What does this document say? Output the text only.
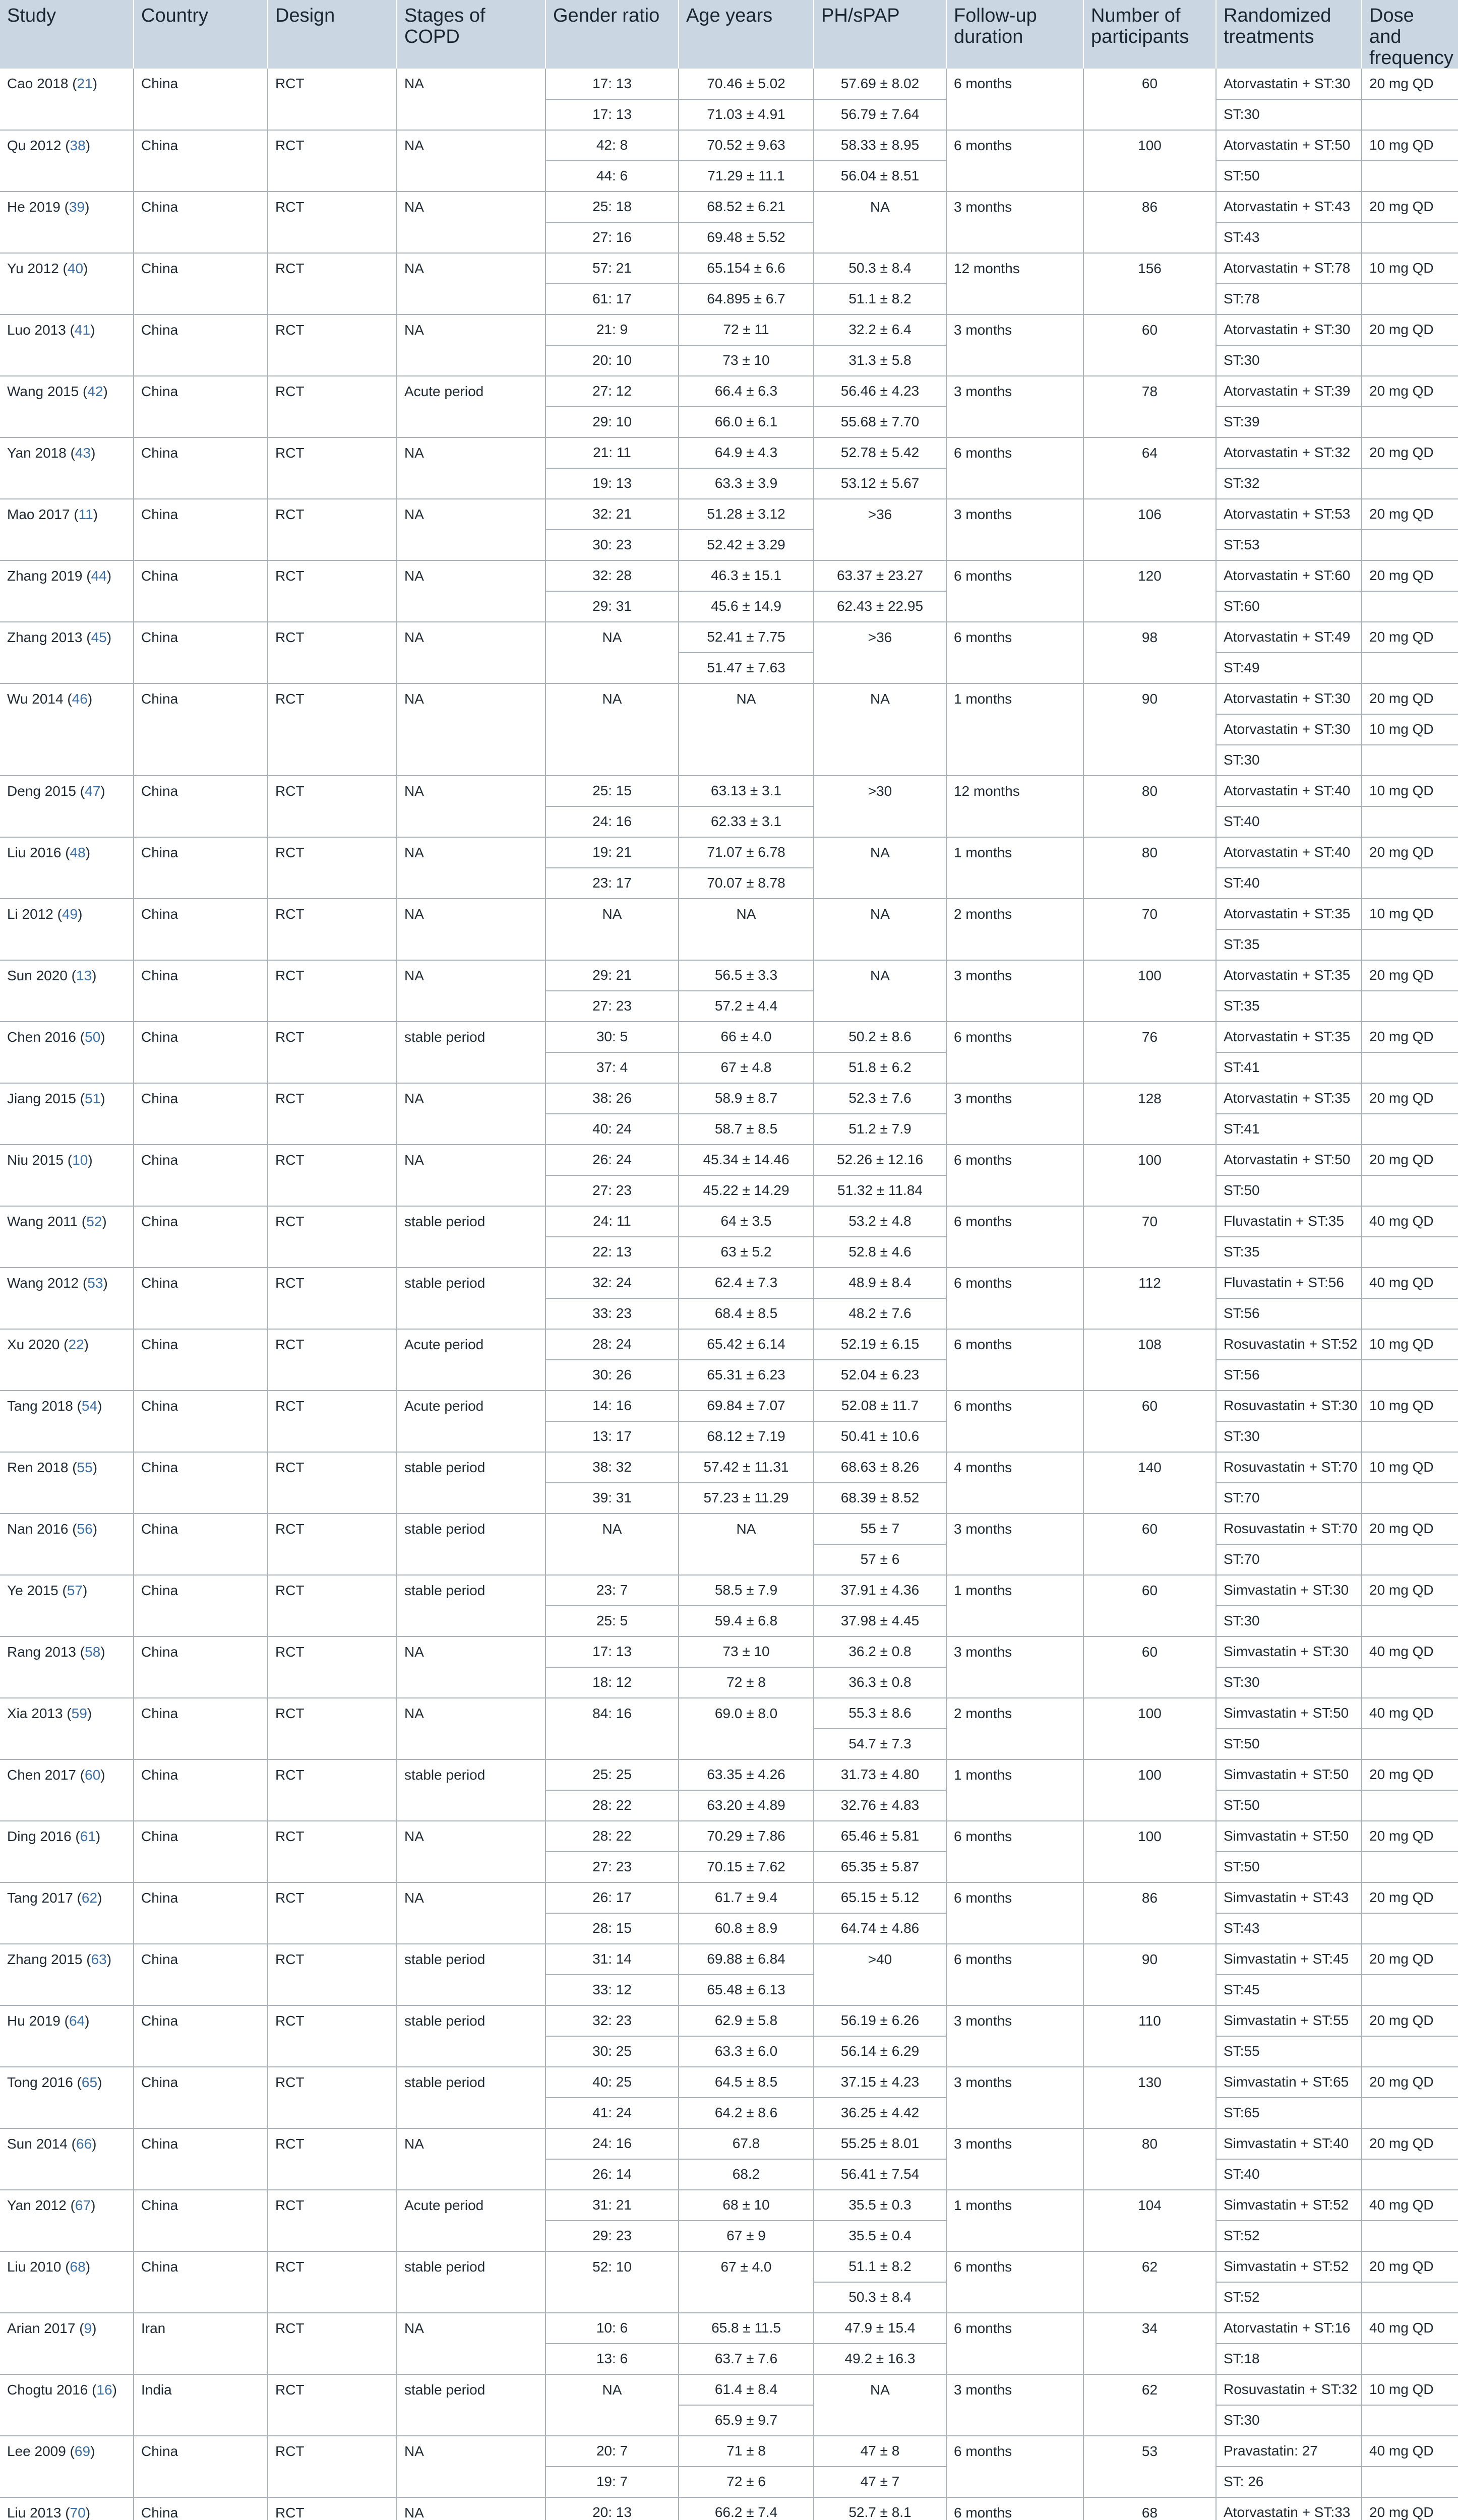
Study	Country	Design	Stages of COPD	Gender ratio	Age years	PH/sPAP	Follow-up duration	Number of participants	Randomized treatments	Dose and frequency
Cao 2018 (21)	China	RCT	NA	17: 13	70.46 ± 5.02	57.69 ± 8.02	6 months	60	Atorvastatin + ST:30	20 mg QD
				17: 13	71.03 ± 4.91	56.79 ± 7.64			ST:30	
Qu 2012 (38)	China	RCT	NA	42: 8	70.52 ± 9.63	58.33 ± 8.95	6 months	100	Atorvastatin + ST:50	10 mg QD
				44: 6	71.29 ± 11.1	56.04 ± 8.51			ST:50	
He 2019 (39)	China	RCT	NA	25: 18	68.52 ± 6.21	NA	3 months	86	Atorvastatin + ST:43	20 mg QD
				27: 16	69.48 ± 5.52				ST:43	
Yu 2012 (40)	China	RCT	NA	57: 21	65.154 ± 6.6	50.3 ± 8.4	12 months	156	Atorvastatin + ST:78	10 mg QD
				61: 17	64.895 ± 6.7	51.1 ± 8.2			ST:78	
Luo 2013 (41)	China	RCT	NA	21: 9	72 ± 11	32.2 ± 6.4	3 months	60	Atorvastatin + ST:30	20 mg QD
				20: 10	73 ± 10	31.3 ± 5.8			ST:30	
Wang 2015 (42)	China	RCT	Acute period	27: 12	66.4 ± 6.3	56.46 ± 4.23	3 months	78	Atorvastatin + ST:39	20 mg QD
				29: 10	66.0 ± 6.1	55.68 ± 7.70			ST:39	
Yan 2018 (43)	China	RCT	NA	21: 11	64.9 ± 4.3	52.78 ± 5.42	6 months	64	Atorvastatin + ST:32	20 mg QD
				19: 13	63.3 ± 3.9	53.12 ± 5.67			ST:32	
Mao 2017 (11)	China	RCT	NA	32: 21	51.28 ± 3.12	>36	3 months	106	Atorvastatin + ST:53	20 mg QD
				30: 23	52.42 ± 3.29				ST:53	
Zhang 2019 (44)	China	RCT	NA	32: 28	46.3 ± 15.1	63.37 ± 23.27	6 months	120	Atorvastatin + ST:60	20 mg QD
				29: 31	45.6 ± 14.9	62.43 ± 22.95			ST:60	
Zhang 2013 (45)	China	RCT	NA	NA	52.41 ± 7.75	>36	6 months	98	Atorvastatin + ST:49	20 mg QD
					51.47 ± 7.63				ST:49	
Wu 2014 (46)	China	RCT	NA	NA	NA	NA	1 months	90	Atorvastatin + ST:30	20 mg QD
									Atorvastatin + ST:30	10 mg QD
									ST:30	
Deng 2015 (47)	China	RCT	NA	25: 15	63.13 ± 3.1	>30	12 months	80	Atorvastatin + ST:40	10 mg QD
				24: 16	62.33 ± 3.1				ST:40	
Liu 2016 (48)	China	RCT	NA	19: 21	71.07 ± 6.78	NA	1 months	80	Atorvastatin + ST:40	20 mg QD
				23: 17	70.07 ± 8.78				ST:40	
Li 2012 (49)	China	RCT	NA	NA	NA	NA	2 months	70	Atorvastatin + ST:35	10 mg QD
									ST:35	
Sun 2020 (13)	China	RCT	NA	29: 21	56.5 ± 3.3	NA	3 months	100	Atorvastatin + ST:35	20 mg QD
				27: 23	57.2 ± 4.4				ST:35	
Chen 2016 (50)	China	RCT	stable period	30: 5	66 ± 4.0	50.2 ± 8.6	6 months	76	Atorvastatin + ST:35	20 mg QD
				37: 4	67 ± 4.8	51.8 ± 6.2			ST:41	
Jiang 2015 (51)	China	RCT	NA	38: 26	58.9 ± 8.7	52.3 ± 7.6	3 months	128	Atorvastatin + ST:35	20 mg QD
				40: 24	58.7 ± 8.5	51.2 ± 7.9			ST:41	
Niu 2015 (10)	China	RCT	NA	26: 24	45.34 ± 14.46	52.26 ± 12.16	6 months	100	Atorvastatin + ST:50	20 mg QD
				27: 23	45.22 ± 14.29	51.32 ± 11.84			ST:50	
Wang 2011 (52)	China	RCT	stable period	24: 11	64 ± 3.5	53.2 ± 4.8	6 months	70	Fluvastatin + ST:35	40 mg QD
				22: 13	63 ± 5.2	52.8 ± 4.6			ST:35	
Wang 2012 (53)	China	RCT	stable period	32: 24	62.4 ± 7.3	48.9 ± 8.4	6 months	112	Fluvastatin + ST:56	40 mg QD
				33: 23	68.4 ± 8.5	48.2 ± 7.6			ST:56	
Xu 2020 (22)	China	RCT	Acute period	28: 24	65.42 ± 6.14	52.19 ± 6.15	6 months	108	Rosuvastatin + ST:52	10 mg QD
				30: 26	65.31 ± 6.23	52.04 ± 6.23			ST:56	
Tang 2018 (54)	China	RCT	Acute period	14: 16	69.84 ± 7.07	52.08 ± 11.7	6 months	60	Rosuvastatin + ST:30	10 mg QD
				13: 17	68.12 ± 7.19	50.41 ± 10.6			ST:30	
Ren 2018 (55)	China	RCT	stable period	38: 32	57.42 ± 11.31	68.63 ± 8.26	4 months	140	Rosuvastatin + ST:70	10 mg QD
				39: 31	57.23 ± 11.29	68.39 ± 8.52			ST:70	
Nan 2016 (56)	China	RCT	stable period	NA	NA	55 ± 7	3 months	60	Rosuvastatin + ST:70	20 mg QD
						57 ± 6			ST:70	
Ye 2015 (57)	China	RCT	stable period	23: 7	58.5 ± 7.9	37.91 ± 4.36	1 months	60	Simvastatin + ST:30	20 mg QD
				25: 5	59.4 ± 6.8	37.98 ± 4.45			ST:30	
Rang 2013 (58)	China	RCT	NA	17: 13	73 ± 10	36.2 ± 0.8	3 months	60	Simvastatin + ST:30	40 mg QD
				18: 12	72 ± 8	36.3 ± 0.8			ST:30	
Xia 2013 (59)	China	RCT	NA	84: 16	69.0 ± 8.0	55.3 ± 8.6	2 months	100	Simvastatin + ST:50	40 mg QD
						54.7 ± 7.3			ST:50	
Chen 2017 (60)	China	RCT	stable period	25: 25	63.35 ± 4.26	31.73 ± 4.80	1 months	100	Simvastatin + ST:50	20 mg QD
				28: 22	63.20 ± 4.89	32.76 ± 4.83			ST:50	
Ding 2016 (61)	China	RCT	NA	28: 22	70.29 ± 7.86	65.46 ± 5.81	6 months	100	Simvastatin + ST:50	20 mg QD
				27: 23	70.15 ± 7.62	65.35 ± 5.87			ST:50	
Tang 2017 (62)	China	RCT	NA	26: 17	61.7 ± 9.4	65.15 ± 5.12	6 months	86	Simvastatin + ST:43	20 mg QD
				28: 15	60.8 ± 8.9	64.74 ± 4.86			ST:43	
Zhang 2015 (63)	China	RCT	stable period	31: 14	69.88 ± 6.84	>40	6 months	90	Simvastatin + ST:45	20 mg QD
				33: 12	65.48 ± 6.13				ST:45	
Hu 2019 (64)	China	RCT	stable period	32: 23	62.9 ± 5.8	56.19 ± 6.26	3 months	110	Simvastatin + ST:55	20 mg QD
				30: 25	63.3 ± 6.0	56.14 ± 6.29			ST:55	
Tong 2016 (65)	China	RCT	stable period	40: 25	64.5 ± 8.5	37.15 ± 4.23	3 months	130	Simvastatin + ST:65	20 mg QD
				41: 24	64.2 ± 8.6	36.25 ± 4.42			ST:65	
Sun 2014 (66)	China	RCT	NA	24: 16	67.8	55.25 ± 8.01	3 months	80	Simvastatin + ST:40	20 mg QD
				26: 14	68.2	56.41 ± 7.54			ST:40	
Yan 2012 (67)	China	RCT	Acute period	31: 21	68 ± 10	35.5 ± 0.3	1 months	104	Simvastatin + ST:52	40 mg QD
				29: 23	67 ± 9	35.5 ± 0.4			ST:52	
Liu 2010 (68)	China	RCT	stable period	52: 10	67 ± 4.0	51.1 ± 8.2	6 months	62	Simvastatin + ST:52	20 mg QD
						50.3 ± 8.4			ST:52	
Arian 2017 (9)	Iran	RCT	NA	10: 6	65.8 ± 11.5	47.9 ± 15.4	6 months	34	Atorvastatin + ST:16	40 mg QD
				13: 6	63.7 ± 7.6	49.2 ± 16.3			ST:18	
Chogtu 2016 (16)	India	RCT	stable period	NA	61.4 ± 8.4	NA	3 months	62	Rosuvastatin + ST:32	10 mg QD
					65.9 ± 9.7				ST:30	
Lee 2009 (69)	China	RCT	NA	20: 7	71 ± 8	47 ± 8	6 months	53	Pravastatin: 27	40 mg QD
				19: 7	72 ± 6	47 ± 7			ST: 26	
Liu 2013 (70)	China	RCT	NA	20: 13	66.2 ± 7.4	52.7 ± 8.1	6 months	68	Atorvastatin + ST:33	20 mg QD
